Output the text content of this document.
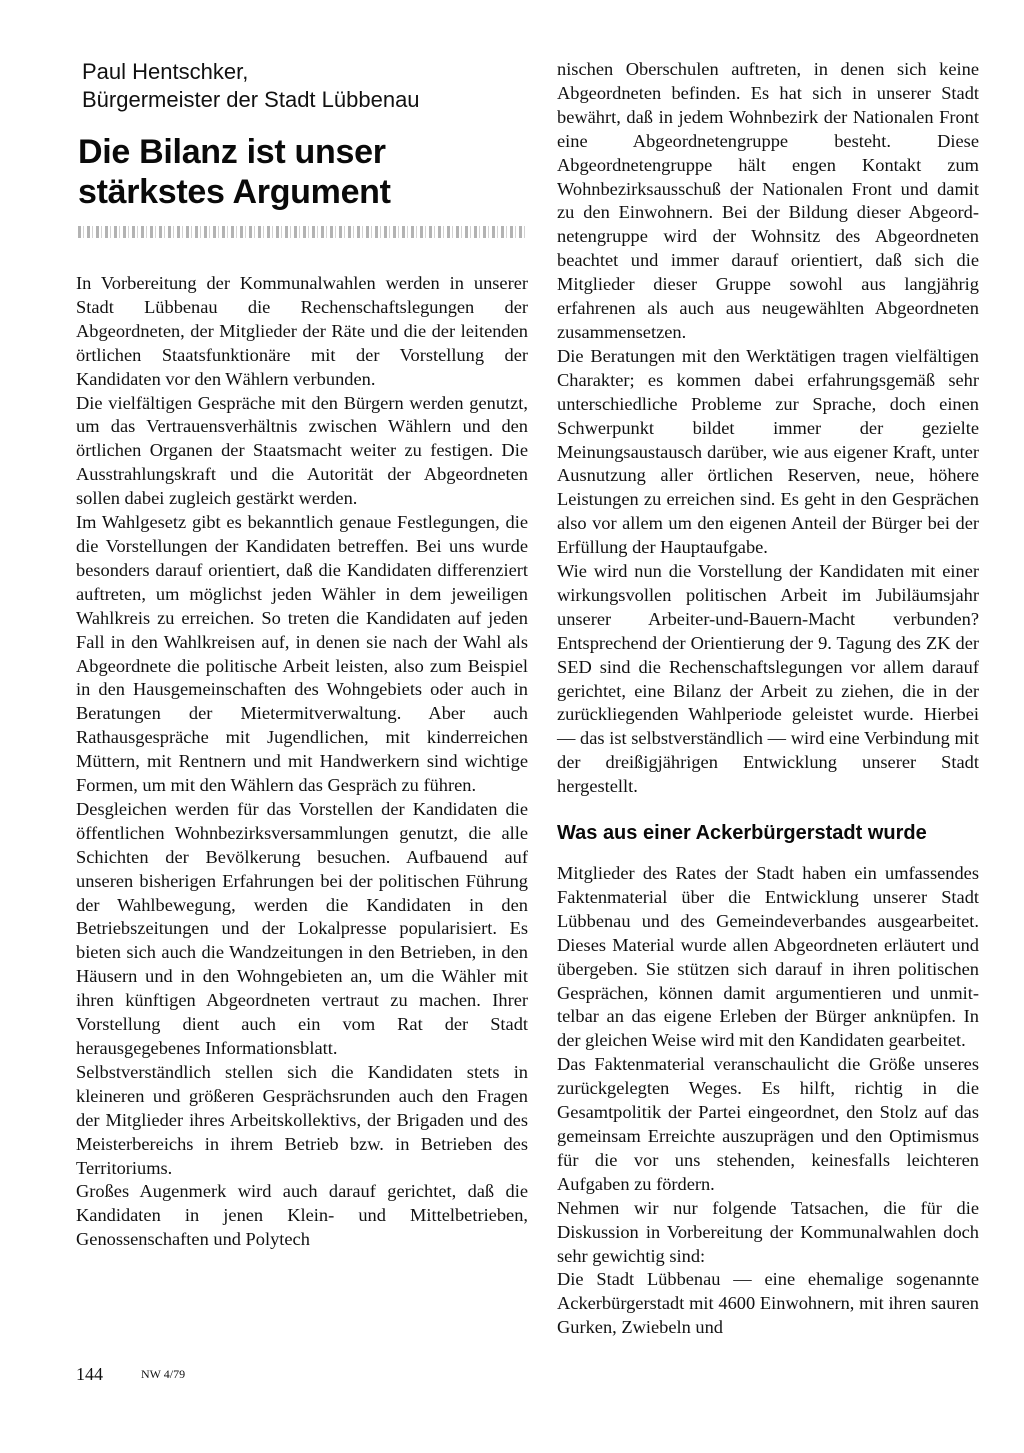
Paul Hentschker,
Bürgermeister der Stadt Lübbenau
Die Bilanz ist unser
stärkstes Argument

In Vorbereitung der Kommunalwahlen werden in unserer Stadt Lübbenau die Rechenschaftslegungen der Abgeordneten, der Mitglieder der Räte und die der leitenden örtlichen Staatsfunktionäre mit der Vorstellung der Kandidaten vor den Wählern verbunden.

Die vielfältigen Gespräche mit den Bürgern werden genutzt, um das Vertrauensverhältnis zwischen Wählern und den örtlichen Organen der Staatsmacht weiter zu festigen. Die Ausstrahlungskraft und die Autorität der Abgeordneten sollen dabei zugleich gestärkt werden.

Im Wahlgesetz gibt es bekanntlich genaue Festlegungen, die die Vorstellungen der Kandidaten betreffen. Bei uns wurde besonders darauf orientiert, daß die Kandidaten differenziert auftreten, um möglichst jeden Wähler in dem jeweiligen Wahlkreis zu erreichen. So treten die Kandidaten auf jeden Fall in den Wahlkreisen auf, in denen sie nach der Wahl als Abgeordnete die politische Arbeit leisten, also zum Beispiel in den Hausgemeinschaften des Wohngebiets oder auch in Beratungen der Mietermitverwaltung. Aber auch Rathausgespräche mit Jugendlichen, mit kinderreichen Müttern, mit Rentnern und mit Handwerkern sind wichtige Formen, um mit den Wählern das Gespräch zu führen.

Desgleichen werden für das Vorstellen der Kandidaten die öffentlichen Wohnbezirksversammlungen genutzt, die alle Schichten der Bevölkerung besuchen. Aufbauend auf unseren bisherigen Erfahrungen bei der politischen Führung der Wahlbewegung, werden die Kandidaten in den Betriebszeitungen und der Lokalpresse popularisiert. Es bieten sich auch die Wandzeitungen in den Betrieben, in den Häusern und in den Wohngebieten an, um die Wähler mit ihren künftigen Abgeordneten vertraut zu machen. Ihrer Vorstellung dient auch ein vom Rat der Stadt herausgegebenes Informationsblatt.

Selbstverständlich stellen sich die Kandidaten stets in kleineren und größeren Gesprächsrunden auch den Fragen der Mitglieder ihres Arbeitskollektivs, der Brigaden und des Meisterbereichs in ihrem Betrieb bzw. in Betrieben des Territoriums.

Großes Augenmerk wird auch darauf gerichtet, daß die Kandidaten in jenen Klein- und Mittelbetrieben, Genossenschaften und Polytech

nischen Oberschulen auftreten, in denen sich keine Abgeordneten befinden. Es hat sich in unserer Stadt bewährt, daß in jedem Wohnbezirk der Nationalen Front eine Abgeordnetengruppe besteht. Diese Abgeordnetengruppe hält engen Kontakt zum Wohnbezirksausschuß der Nationalen Front und damit zu den Einwohnern. Bei der Bildung dieser Abgeordnetengruppe wird der Wohnsitz des Abgeordneten beachtet und immer darauf orientiert, daß sich die Mitglieder dieser Gruppe sowohl aus langjährig erfahrenen als auch aus neugewählten Abgeordneten zusammensetzen.

Die Beratungen mit den Werktätigen tragen vielfältigen Charakter; es kommen dabei erfahrungsgemäß sehr unterschiedliche Probleme zur Sprache, doch einen Schwerpunkt bildet immer der gezielte Meinungsaustausch darüber, wie aus eigener Kraft, unter Ausnutzung aller örtlichen Reserven, neue, höhere Leistungen zu erreichen sind. Es geht in den Gesprächen also vor allem um den eigenen Anteil der Bürger bei der Erfüllung der Hauptaufgabe.

Wie wird nun die Vorstellung der Kandidaten mit einer wirkungsvollen politischen Arbeit im Jubiläumsjahr unserer Arbeiter-und-Bauern-Macht verbunden? Entsprechend der Orientierung der 9. Tagung des ZK der SED sind die Rechenschaftslegungen vor allem darauf gerichtet, eine Bilanz der Arbeit zu ziehen, die in der zurückliegenden Wahlperiode geleistet wurde. Hierbei — das ist selbstverständlich — wird eine Verbindung mit der dreißigjährigen Entwicklung unserer Stadt hergestellt.

Was aus einer Ackerbürgerstadt wurde

Mitglieder des Rates der Stadt haben ein umfassendes Faktenmaterial über die Entwicklung unserer Stadt Lübbenau und des Gemeindeverbandes ausgearbeitet. Dieses Material wurde allen Abgeordneten erläutert und übergeben. Sie stützen sich darauf in ihren politischen Gesprächen, können damit argumentieren und unmittelbar an das eigene Erleben der Bürger anknüpfen. In der gleichen Weise wird mit den Kandidaten gearbeitet.

Das Faktenmaterial veranschaulicht die Größe unseres zurückgelegten Weges. Es hilft, richtig in die Gesamtpolitik der Partei eingeordnet, den Stolz auf das gemeinsam Erreichte auszuprägen und den Optimismus für die vor uns stehenden, keinesfalls leichteren Aufgaben zu fördern.

Nehmen wir nur folgende Tatsachen, die für die Diskussion in Vorbereitung der Kommunalwahlen doch sehr gewichtig sind:

Die Stadt Lübbenau — eine ehemalige sogenannte Ackerbürgerstadt mit 4600 Einwohnern, mit ihren sauren Gurken, Zwiebeln und

144	NW 4/79
